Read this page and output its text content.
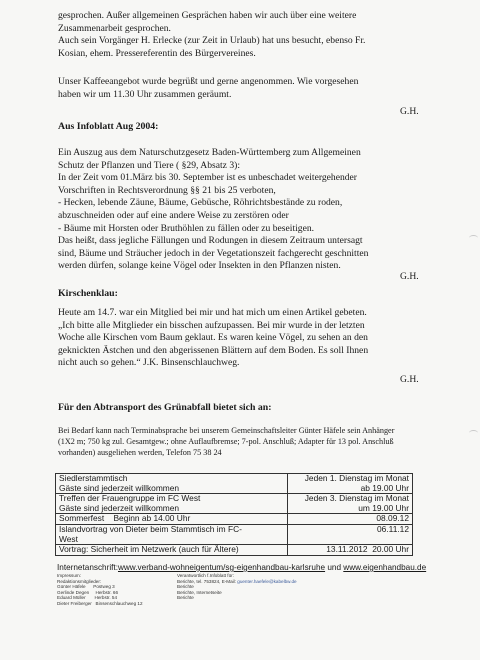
gesprochen. Außer allgemeinen Gesprächen haben wir auch über eine weitere
Zusammenarbeit gesprochen.
Auch sein Vorgänger H. Erlecke (zur Zeit in Urlaub) hat uns besucht, ebenso Fr.
Kosian, ehem. Pressereferentin des Bürgervereines.

Unser Kaffeeangebot wurde begrüßt und gerne angenommen. Wie vorgesehen
haben wir um 11.30 Uhr zusammen geräumt.

G.H.
Aus Infoblatt Aug 2004:

Ein Auszug aus dem Naturschutzgesetz Baden-Württemberg zum Allgemeinen
Schutz der Pflanzen und Tiere ( §29, Absatz 3):
In der Zeit vom 01.März bis 30. September ist es unbeschadet weitergehender
Vorschriften in Rechtsverordnung §§ 21 bis 25 verboten,
- Hecken, lebende Zäune, Bäume, Gebüsche, Röhrichtsbestände zu roden,
abzuschneiden oder auf eine andere Weise zu zerstören oder
- Bäume mit Horsten oder Bruthöhlen zu fällen oder zu beseitigen.
Das heißt, dass jegliche Fällungen und Rodungen in diesem Zeitraum untersagt
sind, Bäume und Sträucher jedoch in der Vegetationszeit fachgerecht geschnitten
werden dürfen, solange keine Vögel oder Insekten in den Pflanzen nisten.

G.H.
Kirschenklau:

Heute am 14.7. war ein Mitglied bei mir und hat mich um einen Artikel gebeten.
„Ich bitte alle Mitglieder ein bisschen aufzupassen. Bei mir wurde in der letzten
Woche alle Kirschen vom Baum geklaut. Es waren keine Vögel, zu sehen an den
geknickten Ästchen und den abgerissenen Blättern auf dem Boden. Es soll Ihnen
nicht auch so gehen.“ J.K. Binsenschlauchweg.

G.H.
Für den Abtransport des Grünabfall bietet sich an:

Bei Bedarf kann nach Terminabsprache bei unserem Gemeinschaftsleiter Günter Häfele sein Anhänger
(1X2 m; 750 kg zul. Gesamtgew.; ohne Auflaufbremse; 7-pol. Anschluß; Adapter für 13 pol. Anschluß
vorhanden) ausgeliehen werden, Telefon 75 38 24

Siedlerstammtisch
Gäste sind jederzeit willkommen	Jeden 1. Dienstag im Monat
ab 19.00 Uhr
Treffen der Frauengruppe im FC West
Gäste sind jederzeit willkommen	Jeden 3. Dienstag im Monat
um 19.00 Uhr
Sommerfest    Beginn ab 14.00 Uhr	08.09.12
Islandvortrag von Dieter beim Stammtisch im FC-
West	06.11.12
Vortrag: Sicherheit im Netzwerk (auch für Ältere)	13.11.2012  20.00 Uhr
Internetanschrift:www.verband-wohneigentum/sg-eigenhandbau-karlsruhe und www.eigenhandbau.de
Impressum:
Redaktionsmitglieder:
Günter Häfele      Postweg 3
Gerlinde Degen     Herbstr. 66
Eduard Müller       Herbstr. 54
Dieter Freiberger   Binsenschlauchweg 12
Verantwortlich f.Infoblatt für:
Berichte, tel. 753824, E-Mail: guenter.haefele@kabelbw.de
Berichte
Berichte, Internetseite
Berichte
